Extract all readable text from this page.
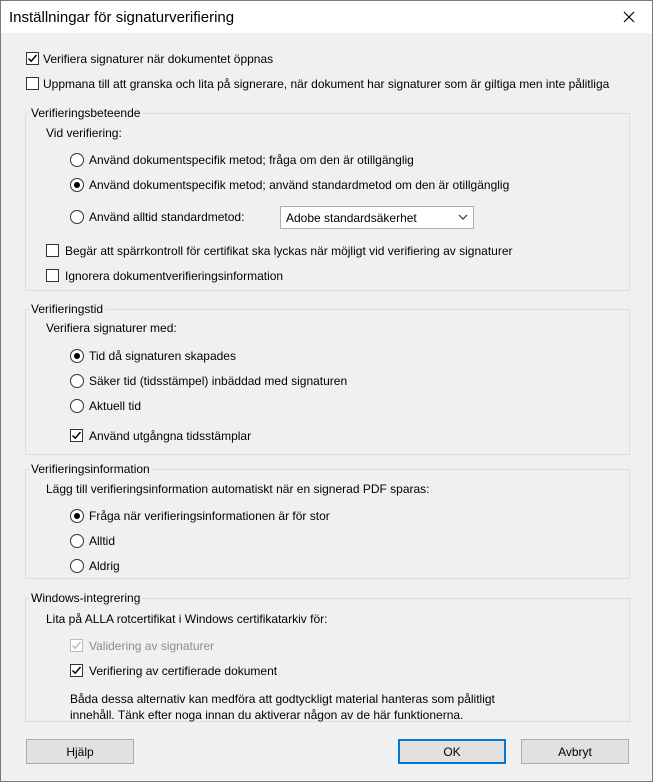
Inställningar för signaturverifiering
Verifiera signaturer när dokumentet öppnas
Uppmana till att granska och lita på signerare, när dokument har signaturer som är giltiga men inte pålitliga
Verifieringsbeteende
Vid verifiering:
Använd dokumentspecifik metod; fråga om den är otillgänglig
Använd dokumentspecifik metod; använd standardmetod om den är otillgänglig
Använd alltid standardmetod:	Adobe standardsäkerhet
Begär att spärrkontroll för certifikat ska lyckas när möjligt vid verifiering av signaturer
Ignorera dokumentverifieringsinformation
Verifieringstid
Verifiera signaturer med:
Tid då signaturen skapades
Säker tid (tidsstämpel) inbäddad med signaturen
Aktuell tid
Använd utgångna tidsstämplar
Verifieringsinformation
Lägg till verifieringsinformation automatiskt när en signerad PDF sparas:
Fråga när verifieringsinformationen är för stor
Alltid
Aldrig
Windows-integrering
Lita på ALLA rotcertifikat i Windows certifikatarkiv för:
Validering av signaturer
Verifiering av certifierade dokument
Båda dessa alternativ kan medföra att godtyckligt material hanteras som pålitligt
innehåll. Tänk efter noga innan du aktiverar någon av de här funktionerna.
Hjälp	OK	Avbryt
